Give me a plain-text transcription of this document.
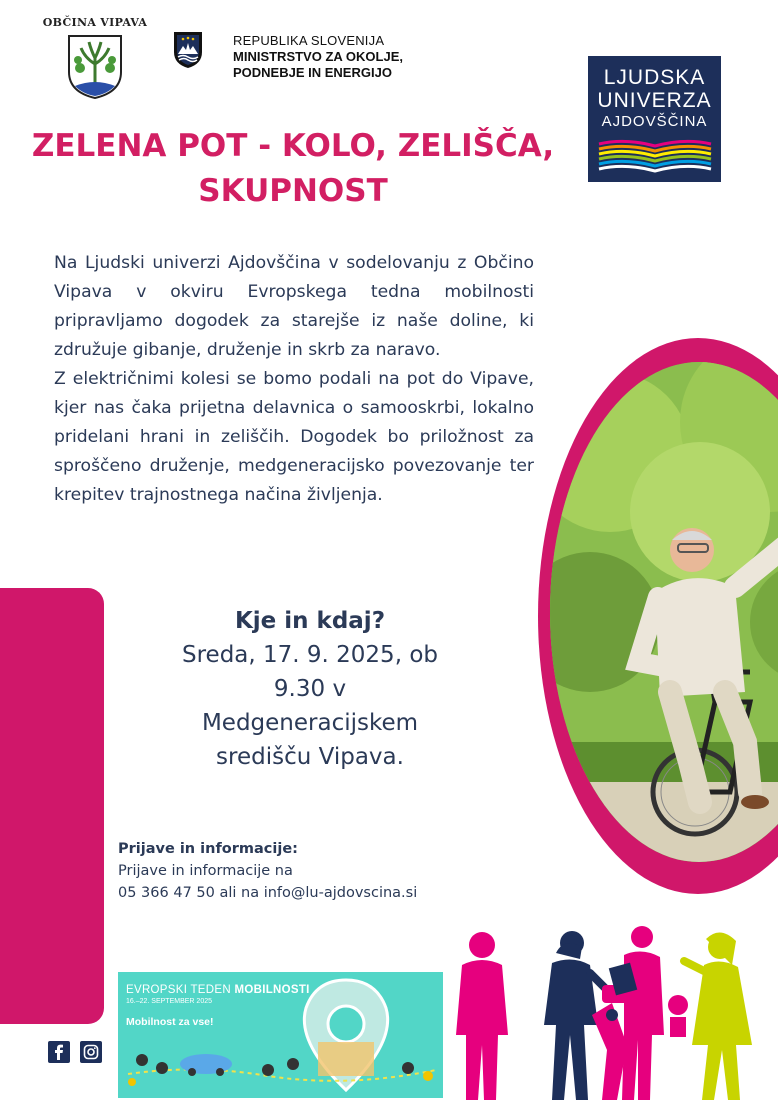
OBČINA VIPAVA
REPUBLIKA SLOVENIJA
MINISTRSTVO ZA OKOLJE,
PODNEBJE IN ENERGIJO	LJUDSKA
UNIVERZA
AJDOVŠČINA
ZELENA POT - KOLO, ZELIŠČA,
SKUPNOST

Na Ljudski univerzi Ajdovščina v sodelovanju z Občino Vipava v okviru Evropskega tedna mobilnosti pripravljamo dogodek za starejše iz naše doline, ki združuje gibanje, druženje in skrb za naravo.

Z električnimi kolesi se bomo podali na pot do Vipave, kjer nas čaka prijetna delavnica o samooskrbi, lokalno pridelani hrani in zeliščih. Dogodek bo priložnost za sproščeno druženje, medgeneracijsko povezovanje ter krepitev trajnostnega načina življenja.

Kje in kdaj?
Sreda, 17. 9. 2025, ob
9.30 v
Medgeneracijskem
središču Vipava.
Prijave in informacije:
Prijave in informacije na
05 366 47 50 ali na info@lu-ajdovscina.si
EVROPSKI TEDEN MOBILNOSTI
16.–22. SEPTEMBER 2025
Mobilnost za vse!
